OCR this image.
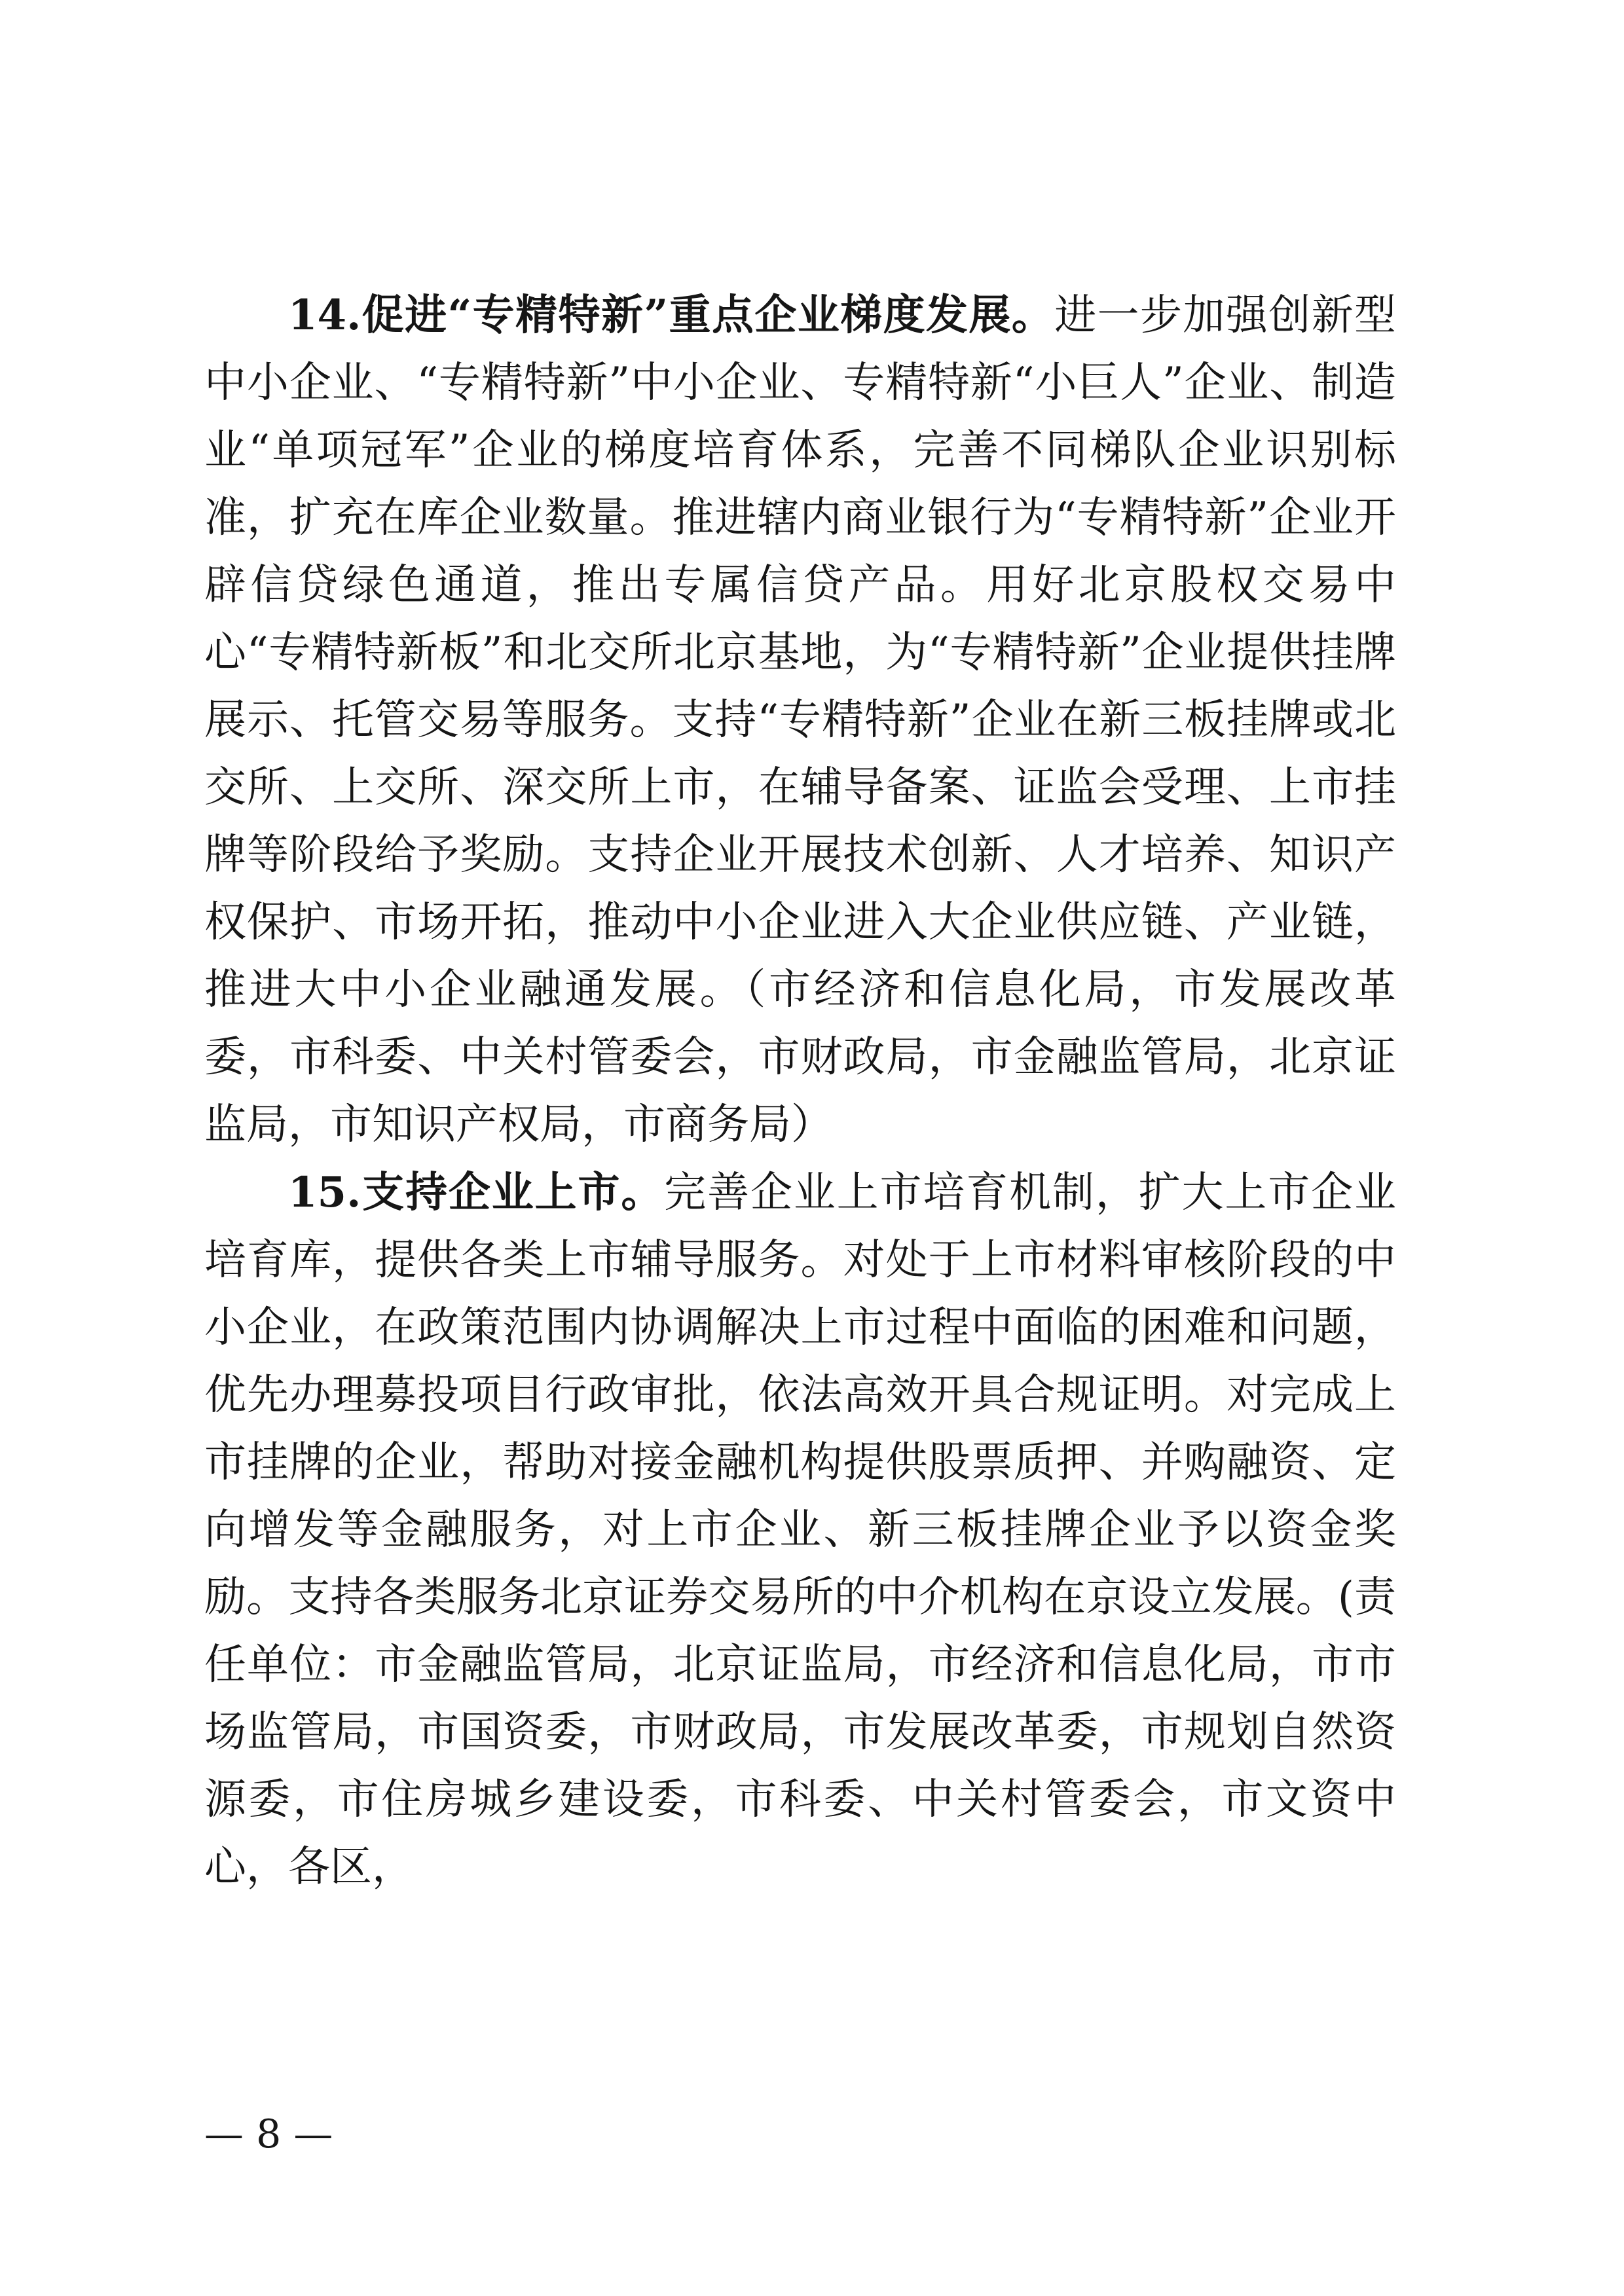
14.促进“专精特新”重点企业梯度发展。进一步加强创新型中小企业、“专精特新”中小企业、专精特新“小巨人”企业、制造业“单项冠军”企业的梯度培育体系，完善不同梯队企业识别标准，扩充在库企业数量。推进辖内商业银行为“专精特新”企业开辟信贷绿色通道，推出专属信贷产品。用好北京股权交易中心“专精特新板”和北交所北京基地，为“专精特新”企业提供挂牌展示、托管交易等服务。支持“专精特新”企业在新三板挂牌或北交所、上交所、深交所上市，在辅导备案、证监会受理、上市挂牌等阶段给予奖励。支持企业开展技术创新、人才培养、知识产权保护、市场开拓，推动中小企业进入大企业供应链、产业链，推进大中小企业融通发展。（市经济和信息化局，市发展改革委，市科委、中关村管委会，市财政局，市金融监管局，北京证监局，市知识产权局，市商务局）

15.支持企业上市。完善企业上市培育机制，扩大上市企业培育库，提供各类上市辅导服务。对处于上市材料审核阶段的中小企业，在政策范围内协调解决上市过程中面临的困难和问题，优先办理募投项目行政审批，依法高效开具合规证明。对完成上市挂牌的企业，帮助对接金融机构提供股票质押、并购融资、定向增发等金融服务，对上市企业、新三板挂牌企业予以资金奖励。支持各类服务北京证券交易所的中介机构在京设立发展。(责任单位：市金融监管局，北京证监局，市经济和信息化局，市市场监管局，市国资委，市财政局，市发展改革委，市规划自然资源委，市住房城乡建设委，市科委、中关村管委会，市文资中心，各区，

— 8 —
